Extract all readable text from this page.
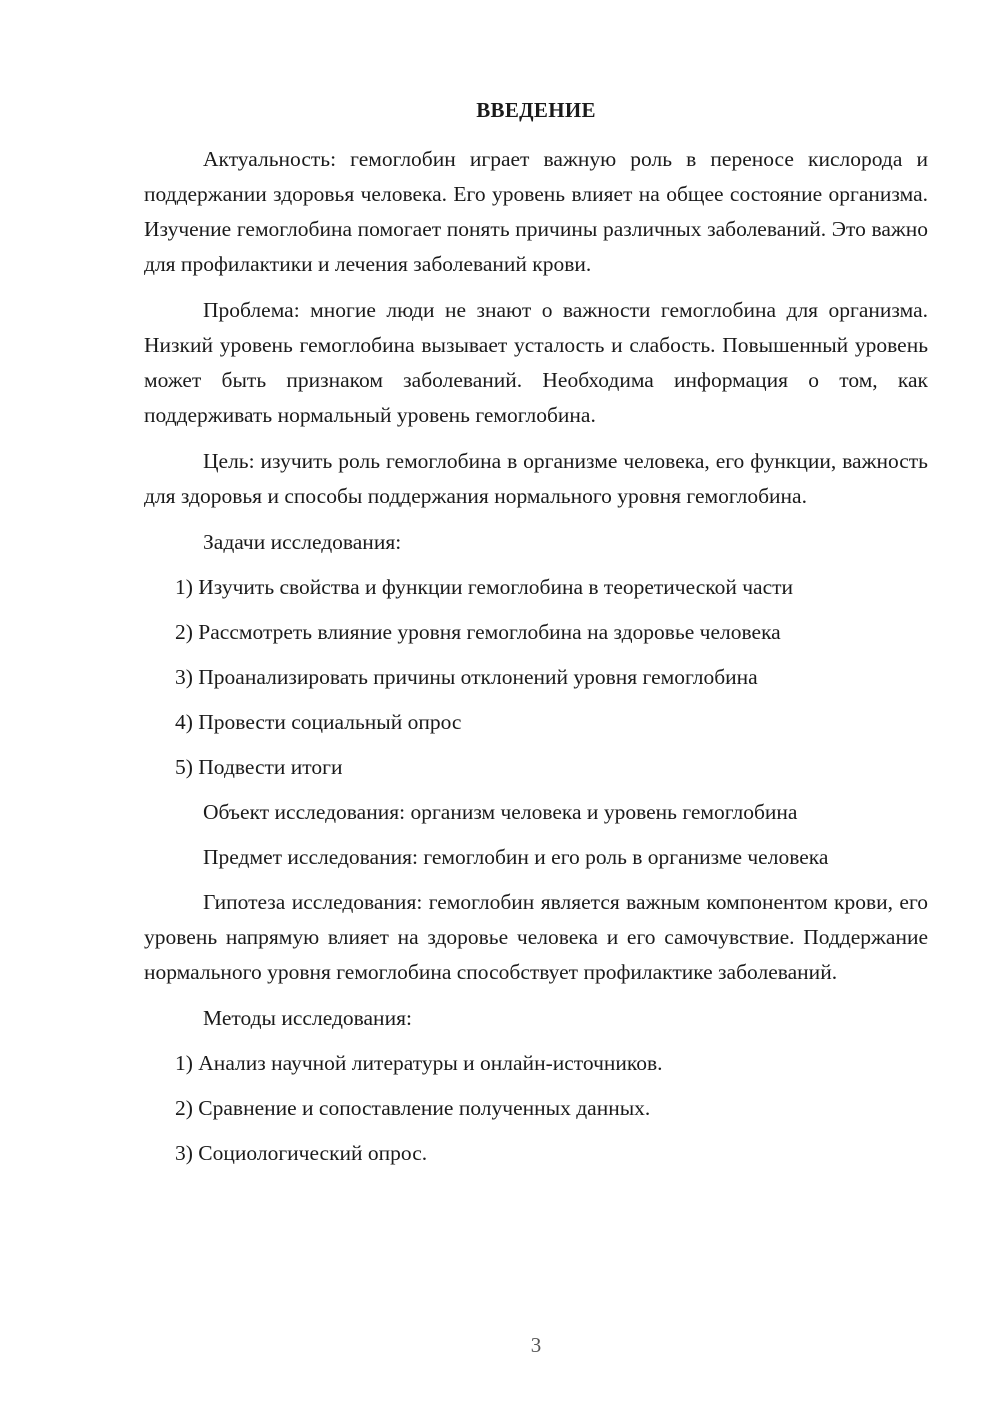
ВВЕДЕНИЕ

Актуальность: гемоглобин играет важную роль в переносе кислорода и поддержании здоровья человека. Его уровень влияет на общее состояние организма. Изучение гемоглобина помогает понять причины различных заболеваний. Это важно для профилактики и лечения заболеваний крови.

Проблема: многие люди не знают о важности гемоглобина для организма. Низкий уровень гемоглобина вызывает усталость и слабость. Повышенный уровень может быть признаком заболеваний. Необходима информация о том, как поддерживать нормальный уровень гемоглобина.

Цель: изучить роль гемоглобина в организме человека, его функции, важность для здоровья и способы поддержания нормального уровня гемоглобина.

Задачи исследования:

1) Изучить свойства и функции гемоглобина в теоретической части

2) Рассмотреть влияние уровня гемоглобина на здоровье человека

3) Проанализировать причины отклонений уровня гемоглобина

4) Провести социальный опрос

5) Подвести итоги

Объект исследования: организм человека и уровень гемоглобина

Предмет исследования: гемоглобин и его роль в организме человека

Гипотеза исследования: гемоглобин является важным компонентом крови, его уровень напрямую влияет на здоровье человека и его самочувствие. Поддержание нормального уровня гемоглобина способствует профилактике заболеваний.

Методы исследования:

1) Анализ научной литературы и онлайн-источников.

2) Сравнение и сопоставление полученных данных.

3) Социологический опрос.

3
